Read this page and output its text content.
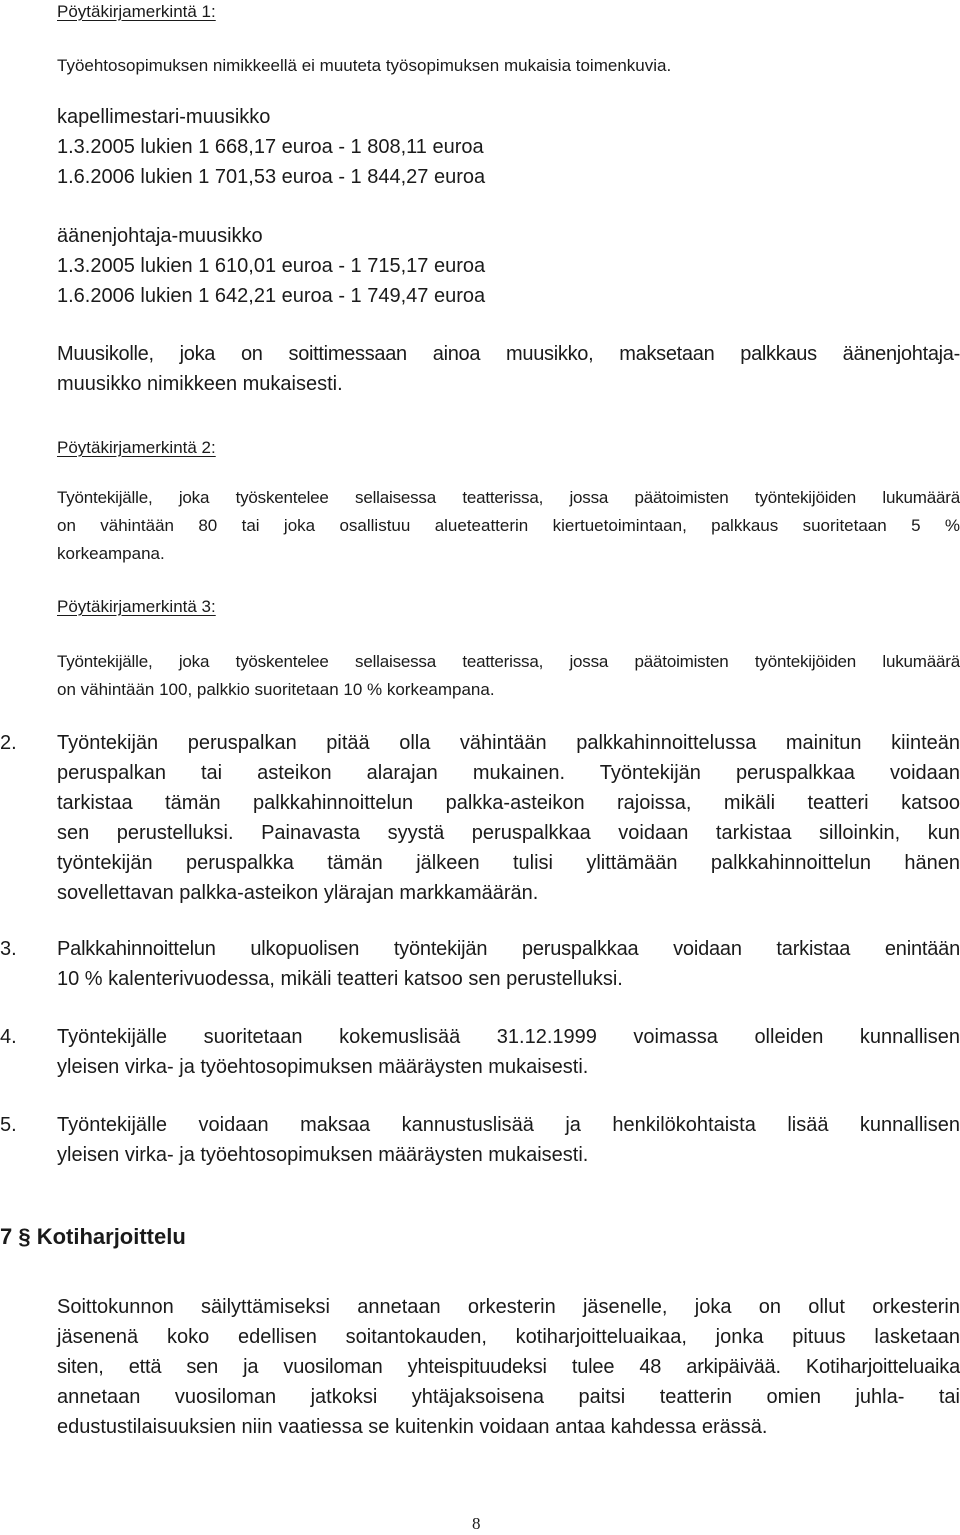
Pöytäkirjamerkintä 1:
Työehtosopimuksen nimikkeellä ei muuteta työsopimuksen mukaisia toimenkuvia.
kapellimestari-muusikko
1.3.2005 lukien 1 668,17 euroa - 1 808,11 euroa
1.6.2006 lukien 1 701,53 euroa - 1 844,27 euroa
äänenjohtaja-muusikko
1.3.2005 lukien 1 610,01 euroa - 1 715,17 euroa
1.6.2006 lukien 1 642,21 euroa - 1 749,47 euroa
Muusikolle, joka on soittimessaan ainoa muusikko, maksetaan palkkaus äänenjohtaja-
muusikko nimikkeen mukaisesti.
Pöytäkirjamerkintä 2:
Työntekijälle, joka työskentelee sellaisessa teatterissa, jossa päätoimisten työntekijöiden lukumäärä
on vähintään 80 tai joka osallistuu alueteatterin kiertuetoimintaan, palkkaus suoritetaan 5 %
korkeampana.
Pöytäkirjamerkintä 3:
Työntekijälle, joka työskentelee sellaisessa teatterissa, jossa päätoimisten työntekijöiden lukumäärä
on vähintään 100, palkkio suoritetaan 10 % korkeampana.
2. Työntekijän peruspalkan pitää olla vähintään palkkahinnoittelussa mainitun kiinteän
peruspalkan tai asteikon alarajan mukainen. Työntekijän peruspalkkaa voidaan
tarkistaa tämän palkkahinnoittelun palkka-asteikon rajoissa, mikäli teatteri katsoo
sen perustelluksi. Painavasta syystä peruspalkkaa voidaan tarkistaa silloinkin, kun
työntekijän peruspalkka tämän jälkeen tulisi ylittämään palkkahinnoittelun hänen
sovellettavan palkka-asteikon ylärajan markkamäärän.
3. Palkkahinnoittelun ulkopuolisen työntekijän peruspalkkaa voidaan tarkistaa enintään
10 % kalenterivuodessa, mikäli teatteri katsoo sen perustelluksi.
4. Työntekijälle suoritetaan kokemuslisää 31.12.1999 voimassa olleiden kunnallisen
yleisen virka- ja työehtosopimuksen määräysten mukaisesti.
5. Työntekijälle voidaan maksaa kannustuslisää ja henkilökohtaista lisää kunnallisen
yleisen virka- ja työehtosopimuksen määräysten mukaisesti.
7 § Kotiharjoittelu
Soittokunnon säilyttämiseksi annetaan orkesterin jäsenelle, joka on ollut orkesterin
jäsenenä koko edellisen soitantokauden, kotiharjoitteluaikaa, jonka pituus lasketaan
siten, että sen ja vuosiloman yhteispituudeksi tulee 48 arkipäivää. Kotiharjoitteluaika
annetaan vuosiloman jatkoksi yhtäjaksoisena paitsi teatterin omien juhla- tai
edustustilaisuuksien niin vaatiessa se kuitenkin voidaan antaa kahdessa erässä.
8
